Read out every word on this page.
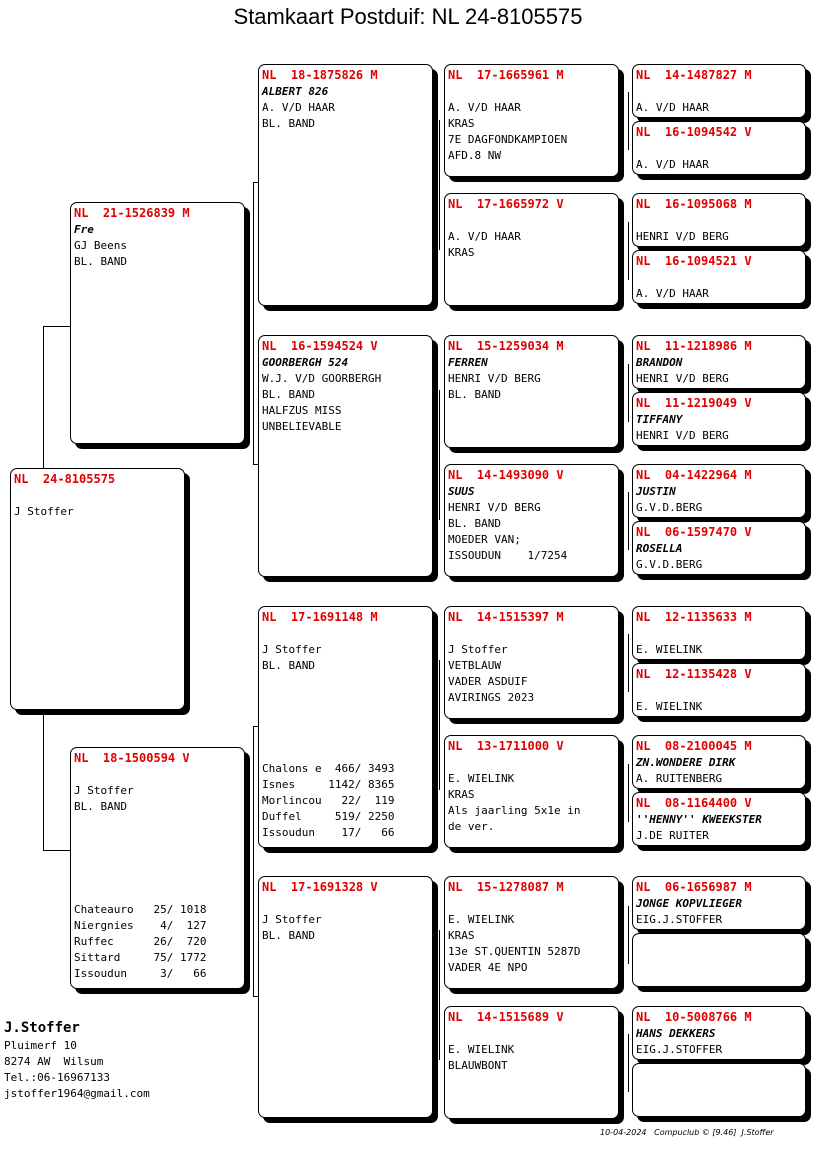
Stamkaart Postduif: NL 24-8105575
NL  24-8105575
J Stoffer
NL  21-1526839 M
Fre
GJ Beens
BL. BAND
NL  18-1500594 V
J Stoffer
BL. BAND
Chateauro   25/ 1018
Niergnies    4/  127
Ruffec      26/  720
Sittard     75/ 1772
Issoudun     3/   66
NL  18-1875826 M
ALBERT 826
A. V/D HAAR
BL. BAND
NL  16-1594524 V
GOORBERGH 524
W.J. V/D GOORBERGH
BL. BAND
HALFZUS MISS
UNBELIEVABLE
NL  17-1691148 M
J Stoffer
BL. BAND
Chalons e  466/ 3493
Isnes     1142/ 8365
Morlincou   22/  119
Duffel     519/ 2250
Issoudun    17/   66
NL  17-1691328 V
J Stoffer
BL. BAND
NL  17-1665961 M
A. V/D HAAR
KRAS
7E DAGFONDKAMPIOEN
AFD.8 NW
NL  17-1665972 V
A. V/D HAAR
KRAS
NL  15-1259034 M
FERREN
HENRI V/D BERG
BL. BAND
NL  14-1493090 V
SUUS
HENRI V/D BERG
BL. BAND
MOEDER VAN;
ISSOUDUN    1/7254
NL  14-1515397 M
J Stoffer
VETBLAUW
VADER ASDUIF
AVIRINGS 2023
NL  13-1711000 V
E. WIELINK
KRAS
Als jaarling 5x1e in
de ver.
NL  15-1278087 M
E. WIELINK
KRAS
13e ST.QUENTIN 5287D
VADER 4E NPO
NL  14-1515689 V
E. WIELINK
BLAUWBONT
NL  14-1487827 M

A. V/D HAAR
NL  16-1094542 V

A. V/D HAAR
NL  16-1095068 M

HENRI V/D BERG
NL  16-1094521 V

A. V/D HAAR
NL  11-1218986 M
BRANDON
HENRI V/D BERG
NL  11-1219049 V
TIFFANY
HENRI V/D BERG
NL  04-1422964 M
JUSTIN
G.V.D.BERG
NL  06-1597470 V
ROSELLA
G.V.D.BERG
NL  12-1135633 M

E. WIELINK
NL  12-1135428 V

E. WIELINK
NL  08-2100045 M
ZN.WONDERE DIRK
A. RUITENBERG
NL  08-1164400 V
''HENNY'' KWEEKSTER
J.DE RUITER
NL  06-1656987 M
JONGE KOPVLIEGER
EIG.J.STOFFER
NL  10-5008766 M
HANS DEKKERS
EIG.J.STOFFER
J.Stoffer
Pluimerf 10
8274 AW  Wilsum
Tel.:06-16967133
jstoffer1964@gmail.com
10-04-2024   Compuclub © [9.46]  J.Stoffer
